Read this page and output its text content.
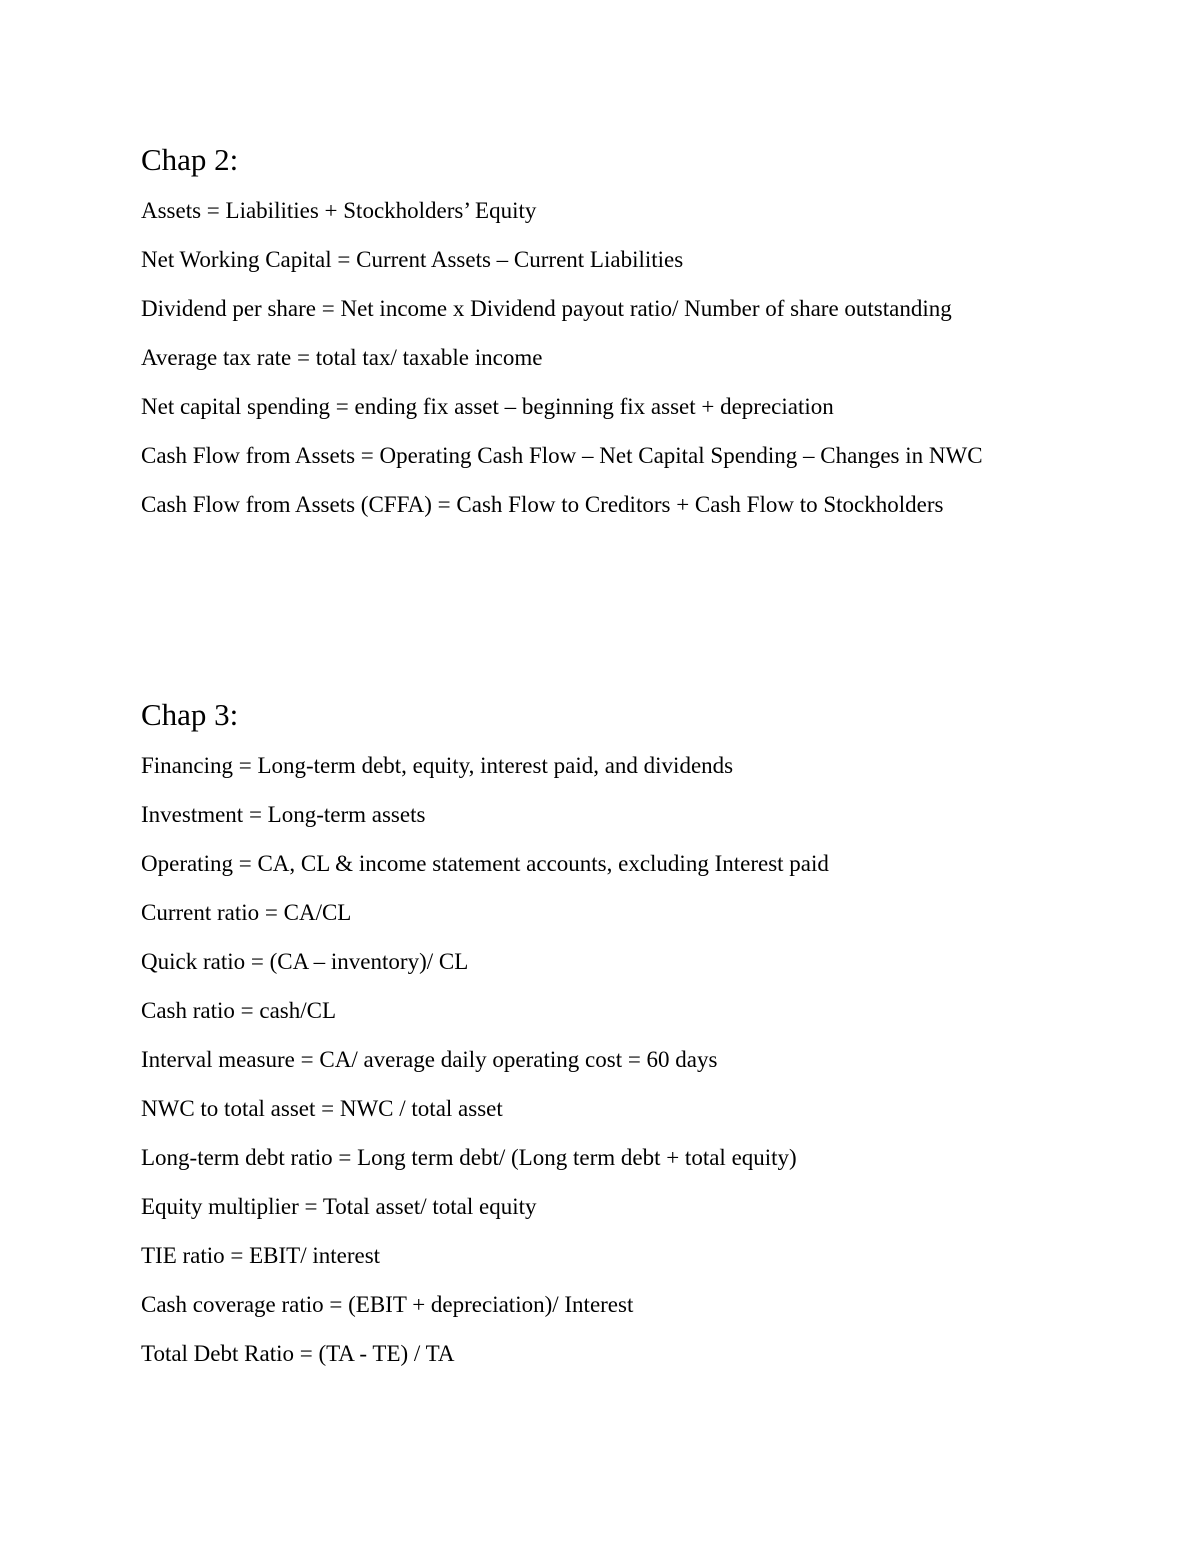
Chap 2:

Assets = Liabilities + Stockholders’ Equity

Net Working Capital = Current Assets – Current Liabilities

Dividend per share = Net income x Dividend payout ratio/ Number of share outstanding

Average tax rate = total tax/ taxable income

Net capital spending = ending fix asset – beginning fix asset + depreciation

Cash Flow from Assets = Operating Cash Flow – Net Capital Spending – Changes in NWC

Cash Flow from Assets (CFFA) = Cash Flow to Creditors + Cash Flow to Stockholders

Chap 3:

Financing = Long-term debt, equity, interest paid, and dividends

Investment = Long-term assets

Operating = CA, CL & income statement accounts, excluding Interest paid

Current ratio = CA/CL

Quick ratio = (CA – inventory)/ CL

Cash ratio = cash/CL

Interval measure = CA/ average daily operating cost = 60 days

NWC to total asset = NWC / total asset

Long-term debt ratio = Long term debt/ (Long term debt + total equity)

Equity multiplier = Total asset/ total equity

TIE ratio = EBIT/ interest

Cash coverage ratio = (EBIT + depreciation)/ Interest

Total Debt Ratio = (TA - TE) / TA
